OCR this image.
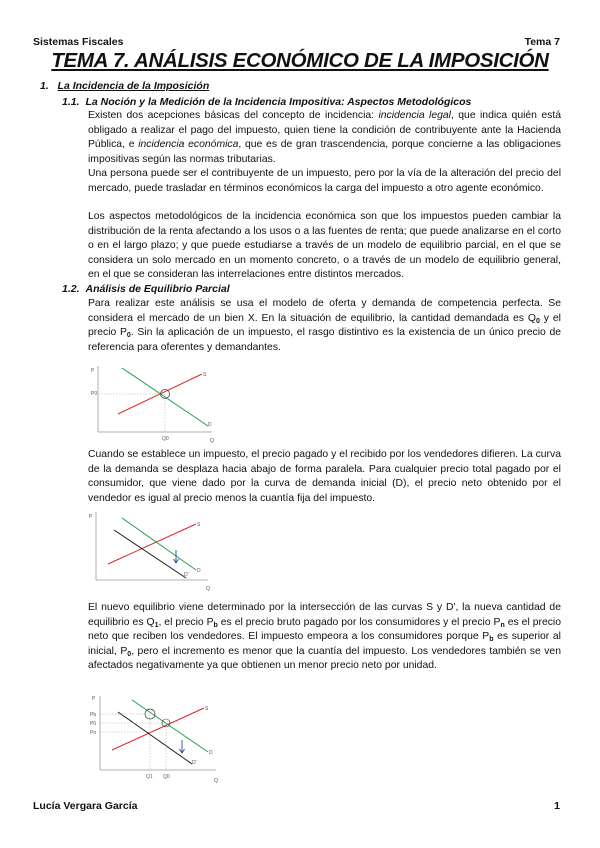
Sistemas Fiscales	Tema 7
TEMA 7. ANÁLISIS ECONÓMICO DE LA IMPOSICIÓN
1. La Incidencia de la Imposición
1.1. La Noción y la Medición de la Incidencia Impositiva: Aspectos Metodológicos
Existen dos acepciones básicas del concepto de incidencia: incidencia legal, que indica quién está obligado a realizar el pago del impuesto, quien tiene la condición de contribuyente ante la Hacienda Pública, e incidencia económica, que es de gran trascendencia, porque concierne a las obligaciones impositivas según las normas tributarias.
Una persona puede ser el contribuyente de un impuesto, pero por la vía de la alteración del precio del mercado, puede trasladar en términos económicos la carga del impuesto a otro agente económico.
Los aspectos metodológicos de la incidencia económica son que los impuestos pueden cambiar la distribución de la renta afectando a los usos o a las fuentes de renta; que puede analizarse en el corto o en el largo plazo; y que puede estudiarse a través de un modelo de equilibrio parcial, en el que se considera un solo mercado en un momento concreto, o a través de un modelo de equilibrio general, en el que se consideran las interrelaciones entre distintos mercados.
1.2. Análisis de Equilibrio Parcial
Para realizar este análisis se usa el modelo de oferta y demanda de competencia perfecta. Se considera el mercado de un bien X. En la situación de equilibrio, la cantidad demandada es $Q_0$ y el precio $P_0$. Sin la aplicación de un impuesto, el rasgo distintivo es la existencia de un único precio de referencia para oferentes y demandantes.
P
P0
S
D
Q0	Q
Cuando se establece un impuesto, el precio pagado y el recibido por los vendedores difieren. La curva de la demanda se desplaza hacia abajo de forma paralela. Para cualquier precio total pagado por el consumidor, que viene dado por la curva de demanda inicial (D), el precio neto obtenido por el vendedor es igual al precio menos la cuantía fija del impuesto.
P
S
D
D'
Q
El nuevo equilibrio viene determinado por la intersección de las curvas S y D', la nueva cantidad de equilibrio es $Q_1$, el precio $P_b$ es el precio bruto pagado por los consumidores y el precio $P_n$ es el precio neto que reciben los vendedores. El impuesto empeora a los consumidores porque $P_b$ es superior al inicial, $P_0$, pero el incremento es menor que la cuantía del impuesto. Los vendedores también se ven afectados negativamente ya que obtienen un menor precio neto por unidad.
P
Pb
P0
Pn
S
D
D'
Q1 Q0
Q
Lucía Vergara García	1
